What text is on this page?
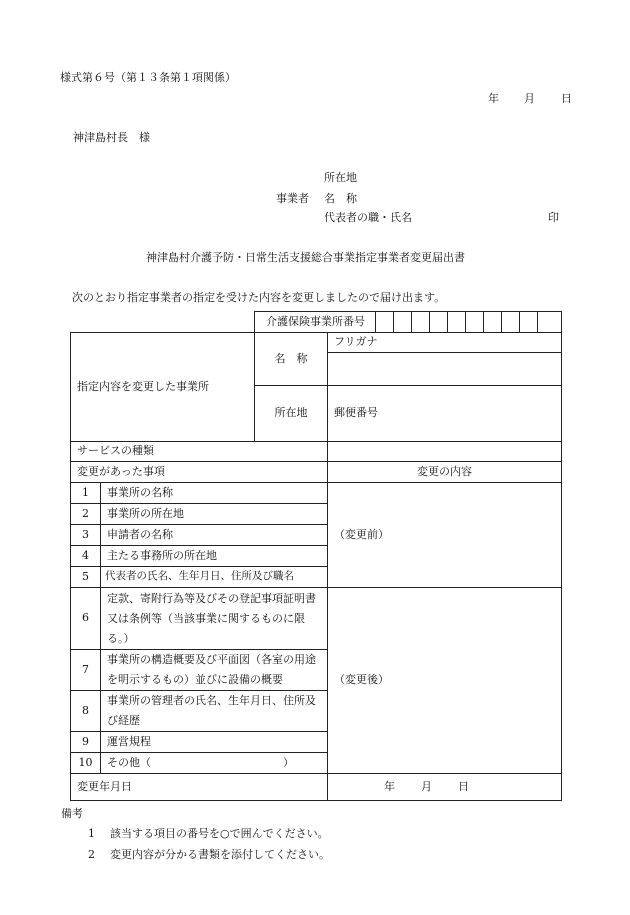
様式第６号（第１３条第１項関係）
年 月 日
神津島村長　様
所在地
事業者 名　称
代表者の職・氏名	印
神津島村介護予防・日常生活支援総合事業指定事業者変更届出書
次のとおり指定事業者の指定を受けた内容を変更しましたので届け出ます。

		介護保険事業所番号	

指定内容を変更した事業所		名　称	フリガナ

		所在地	郵便番号

サービスの種類			
変更があった事項			変更の内容
1	事業所の名称		（変更前）
2	事業所の所在地		
3	申請者の名称		
4	主たる事務所の所在地		
5	代表者の氏名、生年月日、住所及び職名		
6	定款、寄附行為等及びその登記事項証明書又は条例等（当該事業に関するものに限る。）		（変更後）
7	事業所の構造概要及び平面図（各室の用途を明示するもの）並びに設備の概要		
8	事業所の管理者の氏名、生年月日、住所及び経歴		
9	運営規程		
10	その他（　　　　　　　　　　　　）		
変更年月日			年 月 日
備考
1 該当する項目の番号を○で囲んでください。
2 変更内容が分かる書類を添付してください。
